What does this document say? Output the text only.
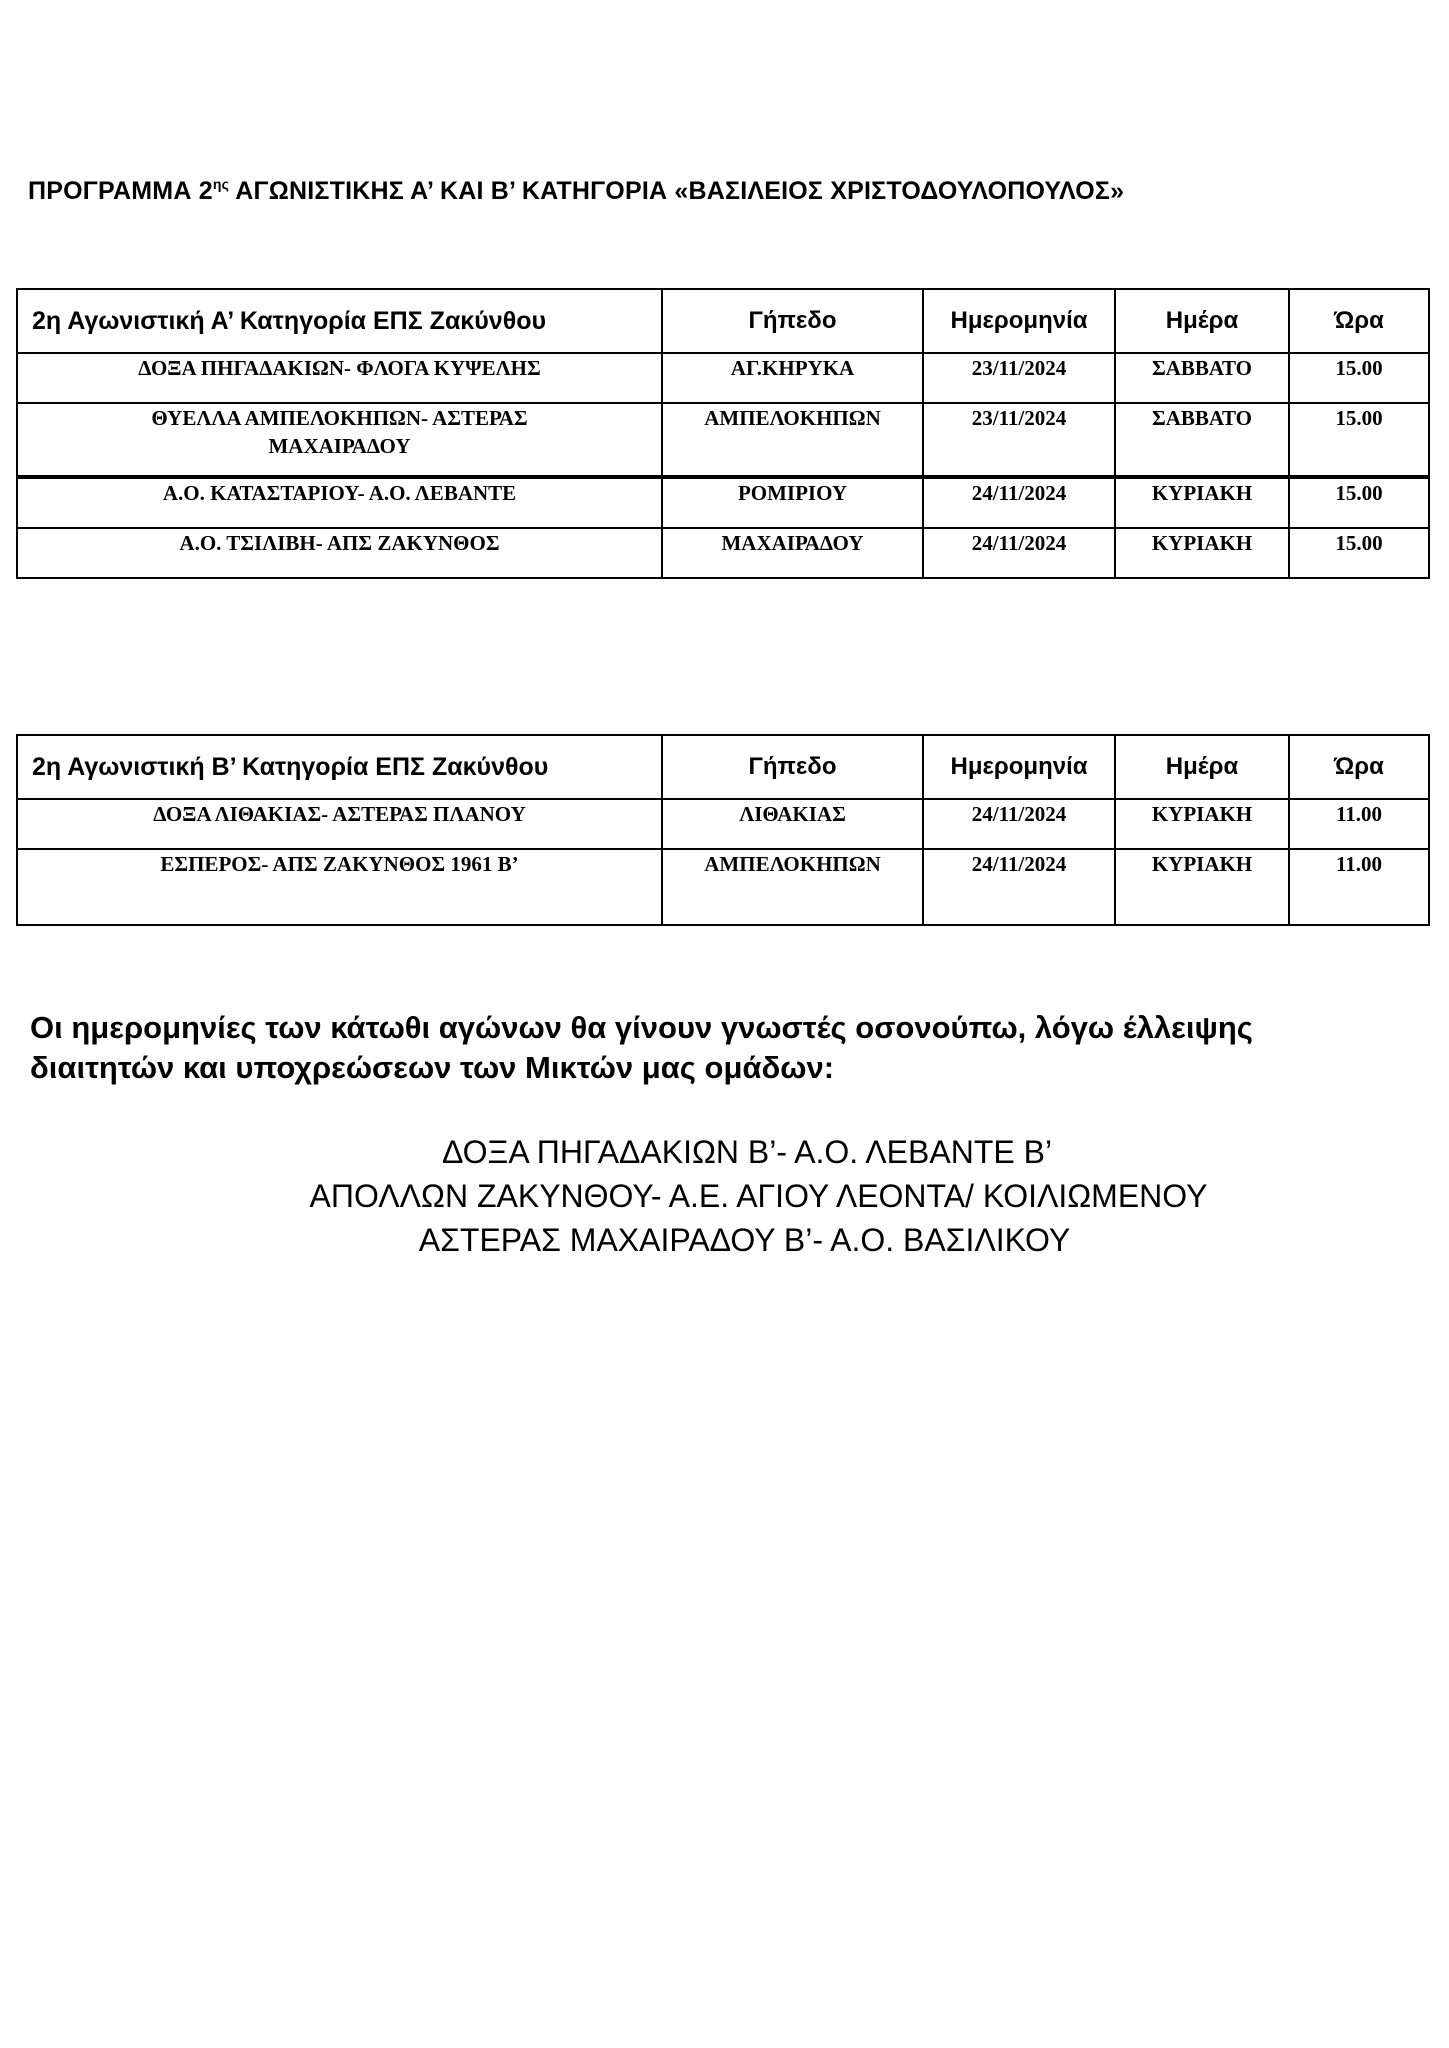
ΠΡΟΓΡΑΜΜΑ $2^{\eta\varsigma}$ ΑΓΩΝΙΣΤΙΚΗΣ Α’ ΚΑΙ Β’ ΚΑΤΗΓΟΡΙΑ «ΒΑΣΙΛΕΙΟΣ ΧΡΙΣΤΟΔΟΥΛΟΠΟΥΛΟΣ»
2η Αγωνιστική Α’ Κατηγορία ΕΠΣ Ζακύνθου	Γήπεδο	Ημερομηνία	Ημέρα	Ώρα
ΔΟΞΑ ΠΗΓΑΔΑΚΙΩΝ- ΦΛΟΓΑ ΚΥΨΕΛΗΣ	ΑΓ.ΚΗΡΥΚΑ	23/11/2024	ΣΑΒΒΑΤΟ	15.00

ΘΥΕΛΛΑ ΑΜΠΕΛΟΚΗΠΩΝ- ΑΣΤΕΡΑΣ
ΜΑΧΑΙΡΑΔΟΥ	ΑΜΠΕΛΟΚΗΠΩΝ	23/11/2024	ΣΑΒΒΑΤΟ	15.00
Α.Ο. ΚΑΤΑΣΤΑΡΙΟΥ- Α.Ο. ΛΕΒΑΝΤΕ	ΡΟΜΙΡΙΟΥ	24/11/2024	ΚΥΡΙΑΚΗ	15.00
Α.Ο. ΤΣΙΛΙΒΗ- ΑΠΣ ΖΑΚΥΝΘΟΣ	ΜΑΧΑΙΡΑΔΟΥ	24/11/2024	ΚΥΡΙΑΚΗ	15.00
2η Αγωνιστική Β’ Κατηγορία ΕΠΣ Ζακύνθου	Γήπεδο	Ημερομηνία	Ημέρα	Ώρα
ΔΟΞΑ ΛΙΘΑΚΙΑΣ- ΑΣΤΕΡΑΣ ΠΛΑΝΟΥ	ΛΙΘΑΚΙΑΣ	24/11/2024	ΚΥΡΙΑΚΗ	11.00
ΕΣΠΕΡΟΣ- ΑΠΣ ΖΑΚΥΝΘΟΣ 1961 Β’	ΑΜΠΕΛΟΚΗΠΩΝ	24/11/2024	ΚΥΡΙΑΚΗ	11.00
Οι ημερομηνίες των κάτωθι αγώνων θα γίνουν γνωστές οσονούπω, λόγω έλλειψης
διαιτητών και υποχρεώσεων των Μικτών μας ομάδων:
ΔΟΞΑ ΠΗΓΑΔΑΚΙΩΝ Β’- Α.Ο. ΛΕΒΑΝΤΕ Β’
ΑΠΟΛΛΩΝ ΖΑΚΥΝΘΟΥ- Α.Ε. ΑΓΙΟΥ ΛΕΟΝΤΑ/ ΚΟΙΛΙΩΜΕΝΟΥ
ΑΣΤΕΡΑΣ ΜΑΧΑΙΡΑΔΟΥ Β’- Α.Ο. ΒΑΣΙΛΙΚΟΥ
